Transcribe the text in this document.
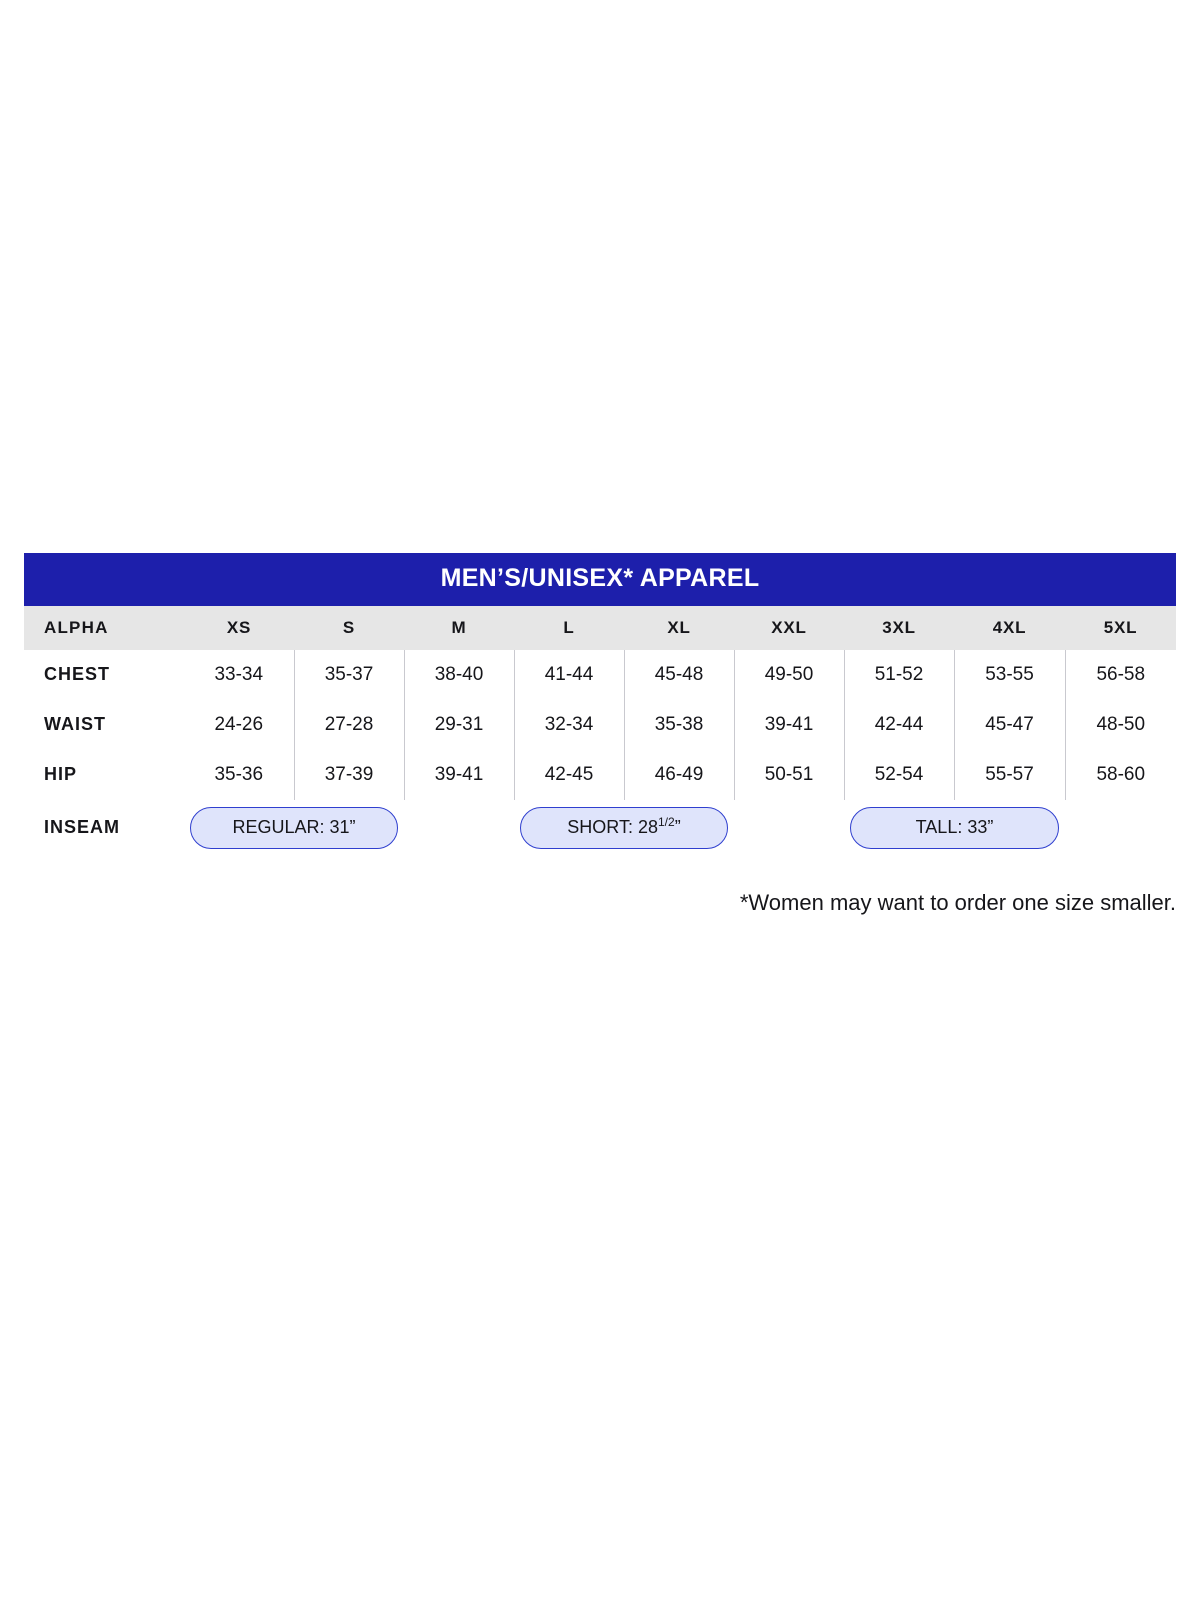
MEN’S/UNISEX* APPAREL
ALPHA	XS	S	M	L	XL	XXL	3XL	4XL	5XL
CHEST	33-34	35-37	38-40	41-44	45-48	49-50	51-52	53-55	56-58
WAIST	24-26	27-28	29-31	32-34	35-38	39-41	42-44	45-47	48-50
HIP	35-36	37-39	39-41	42-45	46-49	50-51	52-54	55-57	58-60
INSEAM	REGULAR: 31”			SHORT: $28^{1/2}$”			TALL: 33”		

*Women may want to order one size smaller.
